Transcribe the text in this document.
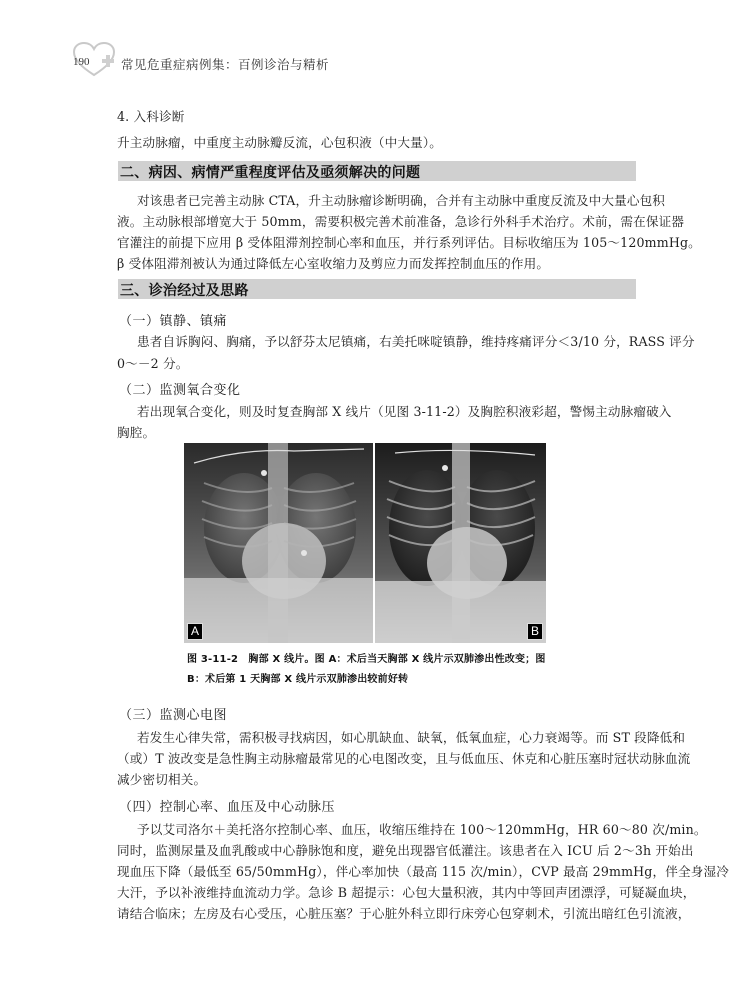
190	常见危重症病例集：百例诊治与精析
4. 入科诊断
升主动脉瘤，中重度主动脉瓣反流，心包积液（中大量）。
二、病因、病情严重程度评估及亟须解决的问题
对该患者已完善主动脉 CTA，升主动脉瘤诊断明确，合并有主动脉中重度反流及中大量心包积
液。主动脉根部增宽大于 50mm，需要积极完善术前准备，急诊行外科手术治疗。术前，需在保证器
官灌注的前提下应用 β 受体阻滞剂控制心率和血压，并行系列评估。目标收缩压为 105～120mmHg。
β 受体阻滞剂被认为通过降低左心室收缩力及剪应力而发挥控制血压的作用。
三、诊治经过及思路
（一）镇静、镇痛
患者自诉胸闷、胸痛，予以舒芬太尼镇痛，右美托咪啶镇静，维持疼痛评分＜3/10 分，RASS 评分
0～－2 分。
（二）监测氧合变化
若出现氧合变化，则及时复查胸部 X 线片（见图 3-11-2）及胸腔积液彩超，警惕主动脉瘤破入
胸腔。
A	B
图 3-11-2　胸部 X 线片。图 A：术后当天胸部 X 线片示双肺渗出性改变；图
B：术后第 1 天胸部 X 线片示双肺渗出较前好转
（三）监测心电图
若发生心律失常，需积极寻找病因，如心肌缺血、缺氧，低氧血症，心力衰竭等。而 ST 段降低和
（或）T 波改变是急性胸主动脉瘤最常见的心电图改变，且与低血压、休克和心脏压塞时冠状动脉血流
减少密切相关。
（四）控制心率、血压及中心动脉压
予以艾司洛尔＋美托洛尔控制心率、血压，收缩压维持在 100～120mmHg，HR 60～80 次/min。
同时，监测尿量及血乳酸或中心静脉饱和度，避免出现器官低灌注。该患者在入 ICU 后 2～3h 开始出
现血压下降（最低至 65/50mmHg），伴心率加快（最高 115 次/min），CVP 最高 29mmHg，伴全身湿冷
大汗，予以补液维持血流动力学。急诊 B 超提示：心包大量积液，其内中等回声团漂浮，可疑凝血块，
请结合临床；左房及右心受压，心脏压塞？于心脏外科立即行床旁心包穿刺术，引流出暗红色引流液，
